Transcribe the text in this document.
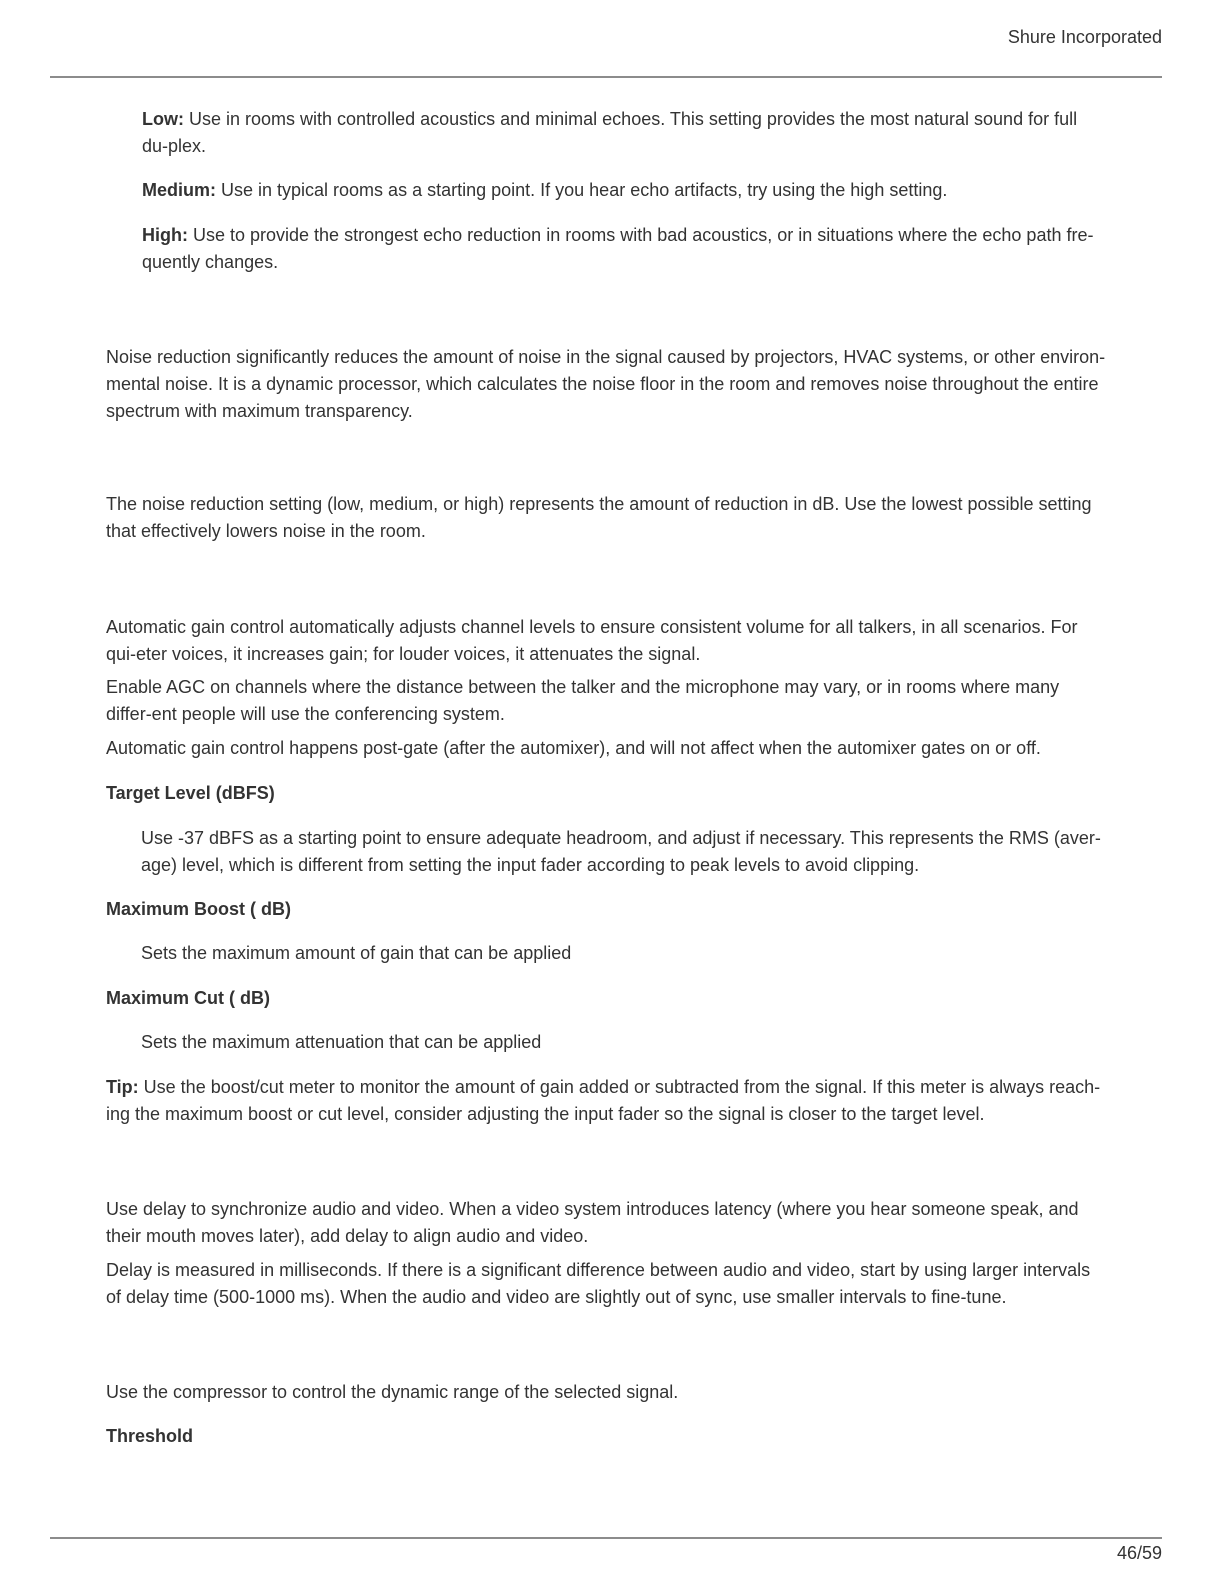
Shure Incorporated

Low: Use in rooms with controlled acoustics and minimal echoes. This setting provides the most natural sound for full du-plex.

Medium: Use in typical rooms as a starting point. If you hear echo artifacts, try using the high setting.

High: Use to provide the strongest echo reduction in rooms with bad acoustics, or in situations where the echo path fre-quently changes.

Noise reduction significantly reduces the amount of noise in the signal caused by projectors, HVAC systems, or other environ-mental noise. It is a dynamic processor, which calculates the noise floor in the room and removes noise throughout the entire spectrum with maximum transparency.

The noise reduction setting (low, medium, or high) represents the amount of reduction in dB. Use the lowest possible setting that effectively lowers noise in the room.

Automatic gain control automatically adjusts channel levels to ensure consistent volume for all talkers, in all scenarios. For qui-eter voices, it increases gain; for louder voices, it attenuates the signal.

Enable AGC on channels where the distance between the talker and the microphone may vary, or in rooms where many differ-ent people will use the conferencing system.

Automatic gain control happens post-gate (after the automixer), and will not affect when the automixer gates on or off.

Target Level (dBFS)

Use -37 dBFS as a starting point to ensure adequate headroom, and adjust if necessary. This represents the RMS (aver-age) level, which is different from setting the input fader according to peak levels to avoid clipping.

Maximum Boost ( dB)

Sets the maximum amount of gain that can be applied

Maximum Cut ( dB)

Sets the maximum attenuation that can be applied

Tip: Use the boost/cut meter to monitor the amount of gain added or subtracted from the signal. If this meter is always reach-ing the maximum boost or cut level, consider adjusting the input fader so the signal is closer to the target level.

Use delay to synchronize audio and video. When a video system introduces latency (where you hear someone speak, and their mouth moves later), add delay to align audio and video.

Delay is measured in milliseconds. If there is a significant difference between audio and video, start by using larger intervals of delay time (500-1000 ms). When the audio and video are slightly out of sync, use smaller intervals to fine-tune.

Use the compressor to control the dynamic range of the selected signal.

Threshold

46/59
